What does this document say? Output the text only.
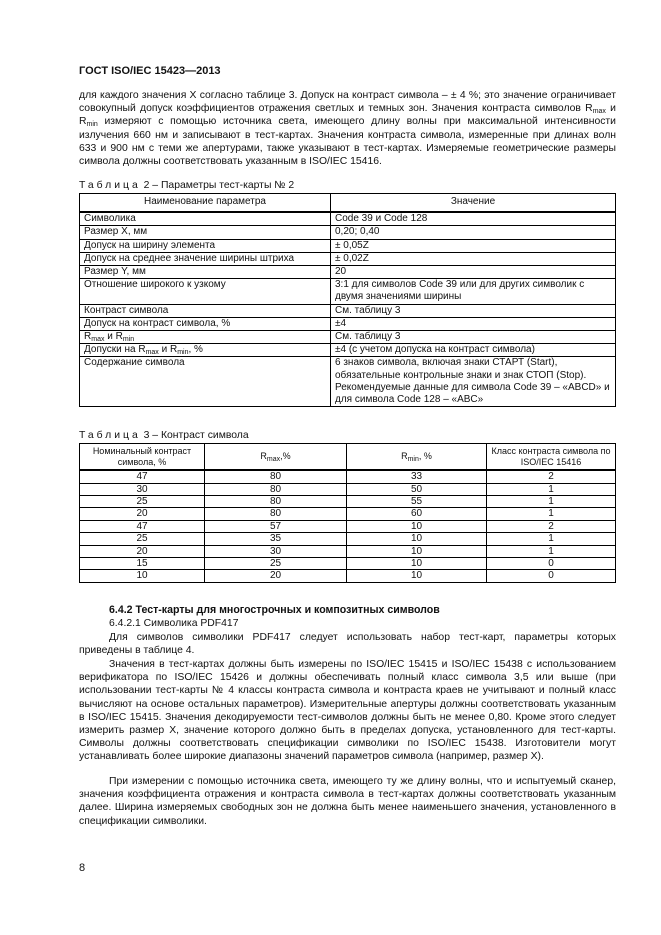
ГОСТ ISO/IEC 15423—2013

для каждого значения X согласно таблице 3. Допуск на контраст символа – ± 4 %; это значение ограничивает совокупный допуск коэффициентов отражения светлых и темных зон. Значения контраста символов $R_{max}$ и $R_{min}$ измеряют с помощью источника света, имеющего длину волны при максимальной интенсивности излучения 660 нм и записывают в тест-картах. Значения контраста символа, измеренные при длинах волн 633 и 900 нм с теми же апертурами, также указывают в тест-картах. Измеряемые геометрические размеры символа должны соответствовать указанным в ISO/IEC 15416.

Таблица 2 – Параметры тест-карты № 2
Наименование параметра	Значение
Символика	Code 39 и Code 128
Размер X, мм	0,20; 0,40
Допуск на ширину элемента	± 0,05Z
Допуск на среднее значение ширины штриха	± 0,02Z
Размер Y, мм	20
Отношение широкого к узкому	3:1 для символов Code 39 или для других символик с двумя значениями ширины
Контраст символа	См. таблицу 3
Допуск на контраст символа, %	±4
$R_{max}$ и $R_{min}$	См. таблицу 3
Допуски на $R_{max}$ и $R_{min}$, %	±4 (с учетом допуска на контраст символа)
Содержание символа	6 знаков символа, включая знаки СТАРТ (Start), обязательные контрольные знаки и знак СТОП (Stop). Рекомендуемые данные для символа Code 39 – «ABCD» и для символа Code 128 – «ABC»
Таблица 3 – Контраст символа
Номинальный контраст символа, %	$R_{max},\%$	$R_{min}$, %	Класс контраста символа по ISO/IEC 15416
47	80	33	2
30	80	50	1
25	80	55	1
20	80	60	1
47	57	10	2
25	35	10	1
20	30	10	1
15	25	10	0
10	20	10	0
6.4.2 Тест-карты для многострочных и композитных символов
6.4.2.1 Символика PDF417

Для символов символики PDF417 следует использовать набор тест-карт, параметры которых приведены в таблице 4.

Значения в тест-картах должны быть измерены по ISO/IEC 15415 и ISO/IEC 15438 с использованием верификатора по ISO/IEC 15426 и должны обеспечивать полный класс символа 3,5 или выше (при использовании тест-карты № 4 классы контраста символа и контраста краев не учитывают и полный класс вычисляют на основе остальных параметров). Измерительные апертуры должны соответствовать указанным в ISO/IEC 15415. Значения декодируемости тест-символов должны быть не менее 0,80. Кроме этого следует измерить размер X, значение которого должно быть в пределах допуска, установленного для тест-карты. Символы должны соответствовать спецификации символики по ISO/IEC 15438. Изготовители могут устанавливать более широкие диапазоны значений параметров символа (например, размер X).

При измерении с помощью источника света, имеющего ту же длину волны, что и испытуемый сканер, значения коэффициента отражения и контраста символа в тест-картах должны соответствовать указанным далее. Ширина измеряемых свободных зон не должна быть менее наименьшего значения, установленного в спецификации символики.

8
